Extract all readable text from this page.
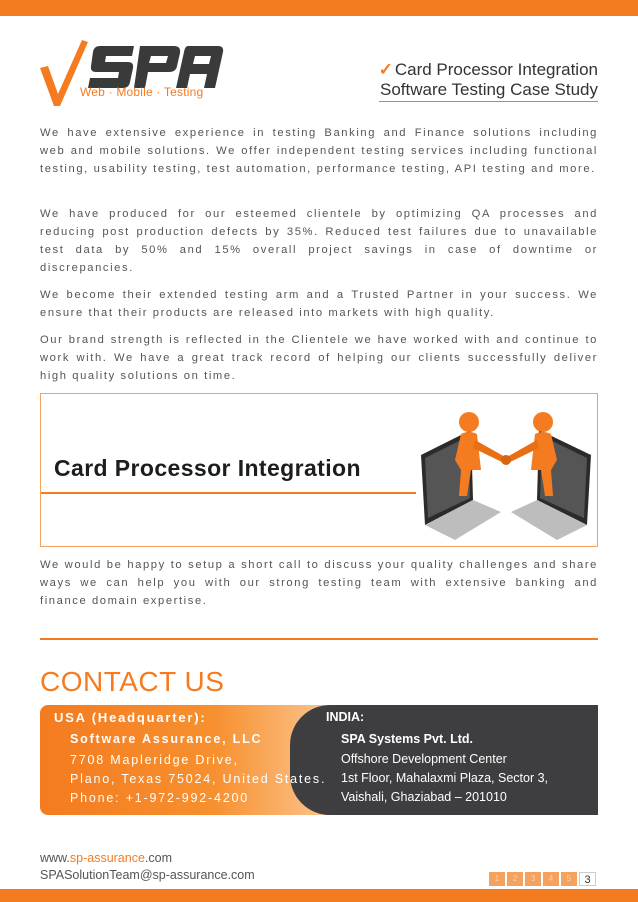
Web · Mobile · Testing
✓ Card Processor Integration
Software Testing Case Study

We have extensive experience in testing Banking and Finance solutions including web and mobile solutions. We offer independent testing services including functional testing, usability testing, test automation, performance testing, API testing and more.

We have produced for our esteemed clientele by optimizing QA processes and reducing post production defects by 35%. Reduced test failures due to unavailable test data by 50% and 15% overall project savings in case of downtime or discrepancies.

We become their extended testing arm and a Trusted Partner in your success. We ensure that their products are released into markets with high quality.

Our brand strength is reflected in the Clientele we have worked with and continue to work with. We have a great track record of helping our clients successfully deliver high quality solutions on time.

Card Processor Integration

We would be happy to setup a short call to discuss your quality challenges and share ways we can help you with our strong testing team with extensive banking and finance domain expertise.

CONTACT US
USA (Headquarter):
Software Assurance, LLC
7708 Mapleridge Drive,
Plano, Texas 75024, United States.
Phone: +1-972-992-4200
INDIA:
SPA Systems Pvt. Ltd.
Offshore Development Center
1st Floor, Mahalaxmi Plaza, Sector 3,
Vaishali, Ghaziabad – 201010
www.sp-assurance.com
SPASolutionTeam@sp-assurance.com	1	2	3	4	5	3
